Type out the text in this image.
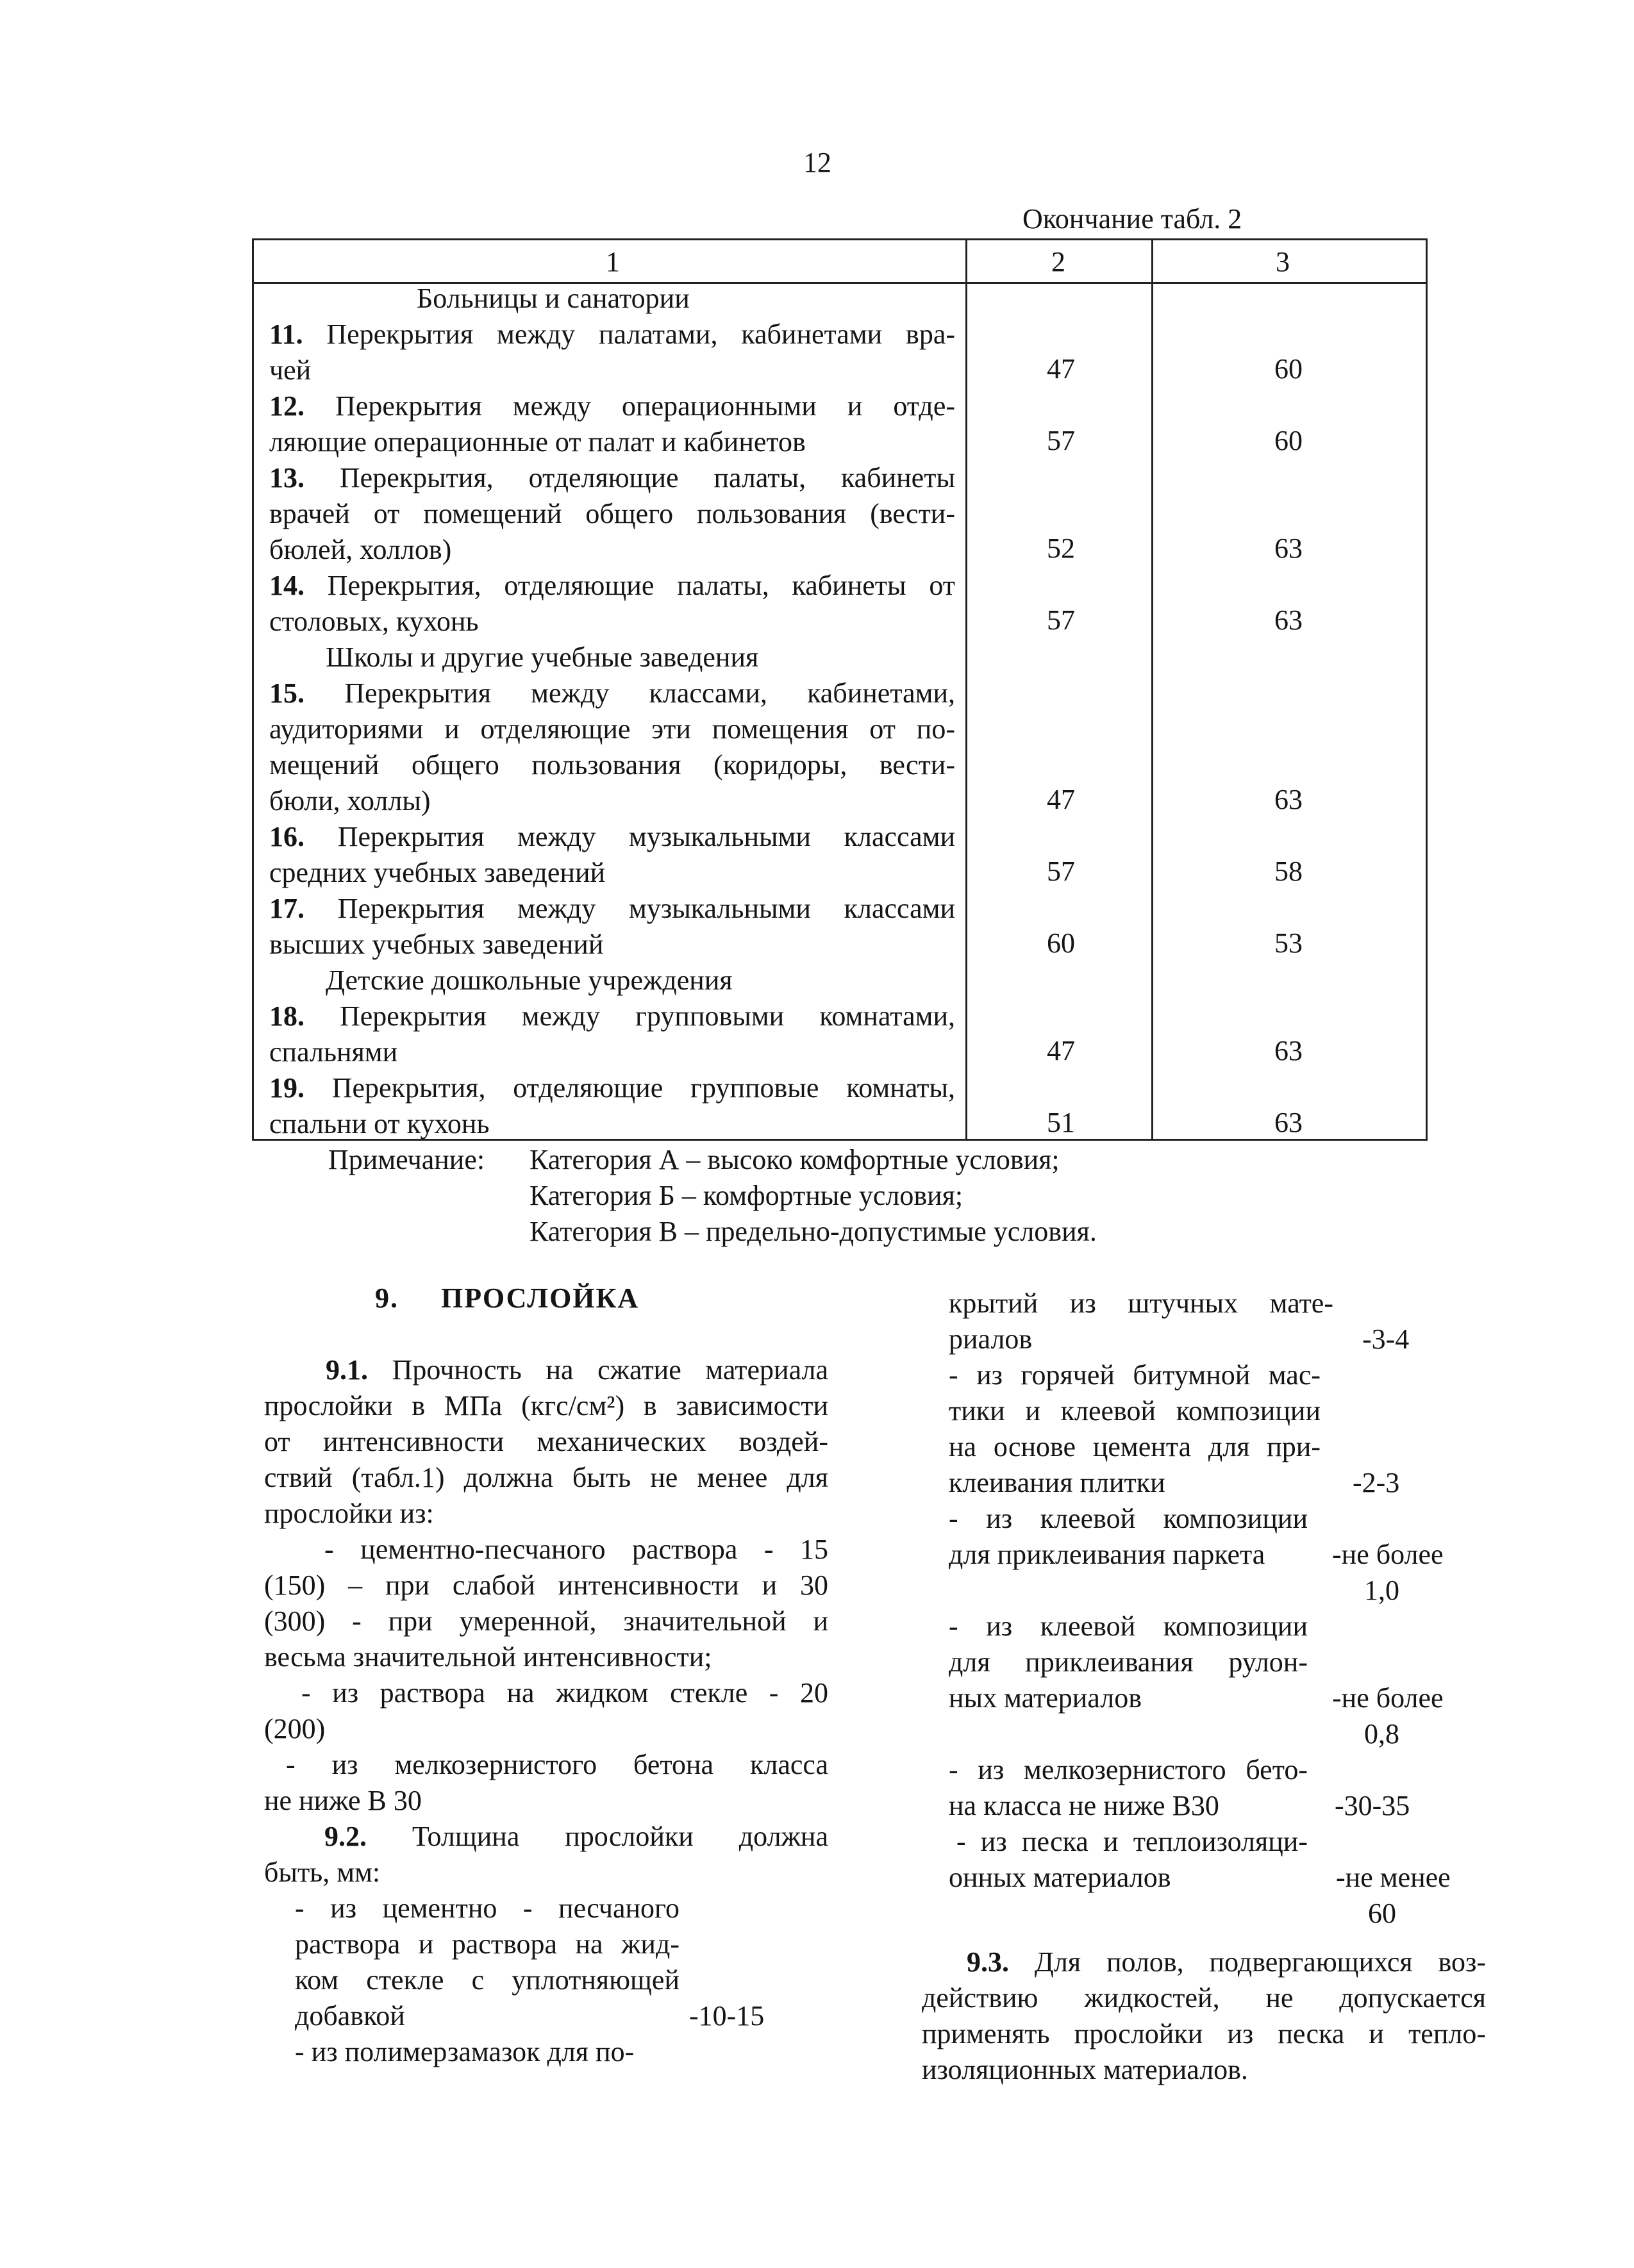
12
Окончание табл. 2
1	2	3
Больницы и санатории
11. Перекрытия между палатами, кабинетами вра-
чей	47	60
12. Перекрытия между операционными и отде-
ляющие операционные от палат и кабинетов	57	60
13. Перекрытия, отделяющие палаты, кабинеты
врачей от помещений общего пользования (вести-
бюлей, холлов)	52	63
14. Перекрытия, отделяющие палаты, кабинеты от
столовых, кухонь	57	63
Школы и другие учебные заведения
15. Перекрытия между классами, кабинетами,
аудиториями и отделяющие эти помещения от по-
мещений общего пользования (коридоры, вести-
бюли, холлы)	47	63
16. Перекрытия между музыкальными классами
средних учебных заведений	57	58
17. Перекрытия между музыкальными классами
высших учебных заведений	60	53
Детские дошкольные учреждения
18. Перекрытия между групповыми комнатами,
спальнями	47	63
19. Перекрытия, отделяющие групповые комнаты,
спальни от кухонь	51	63
Примечание: Категория А – высоко комфортные условия;
Категория Б – комфортные условия;
Категория В – предельно-допустимые условия.
9. ПРОСЛОЙКА
9.1. Прочность на сжатие материала
прослойки в МПа (кгс/см²) в зависимости
от интенсивности механических воздей-
ствий (табл.1) должна быть не менее для
прослойки из:
- цементно-песчаного раствора - 15
(150) – при слабой интенсивности и 30
(300) - при умеренной, значительной и
весьма значительной интенсивности;
- из раствора на жидком стекле - 20
(200)
- из мелкозернистого бетона класса
не ниже В 30
9.2. Толщина прослойки должна
быть, мм:
- из цементно - песчаного
раствора и раствора на жид-
ком стекле с уплотняющей
добавкой	-10-15
- из полимерзамазок для по-
крытий из штучных мате-
риалов	-3-4
- из горячей битумной мас-
тики и клеевой композиции
на основе цемента для при-
клеивания плитки	-2-3
- из клеевой композиции
для приклеивания паркета	-не более
1,0
- из клеевой композиции
для приклеивания рулон-
ных материалов	-не более
0,8
- из мелкозернистого бето-
на класса не ниже В30	-30-35
- из песка и теплоизоляци-
онных материалов	-не менее
60
9.3. Для полов, подвергающихся воз-
действию жидкостей, не допускается
применять прослойки из песка и тепло-
изоляционных материалов.
